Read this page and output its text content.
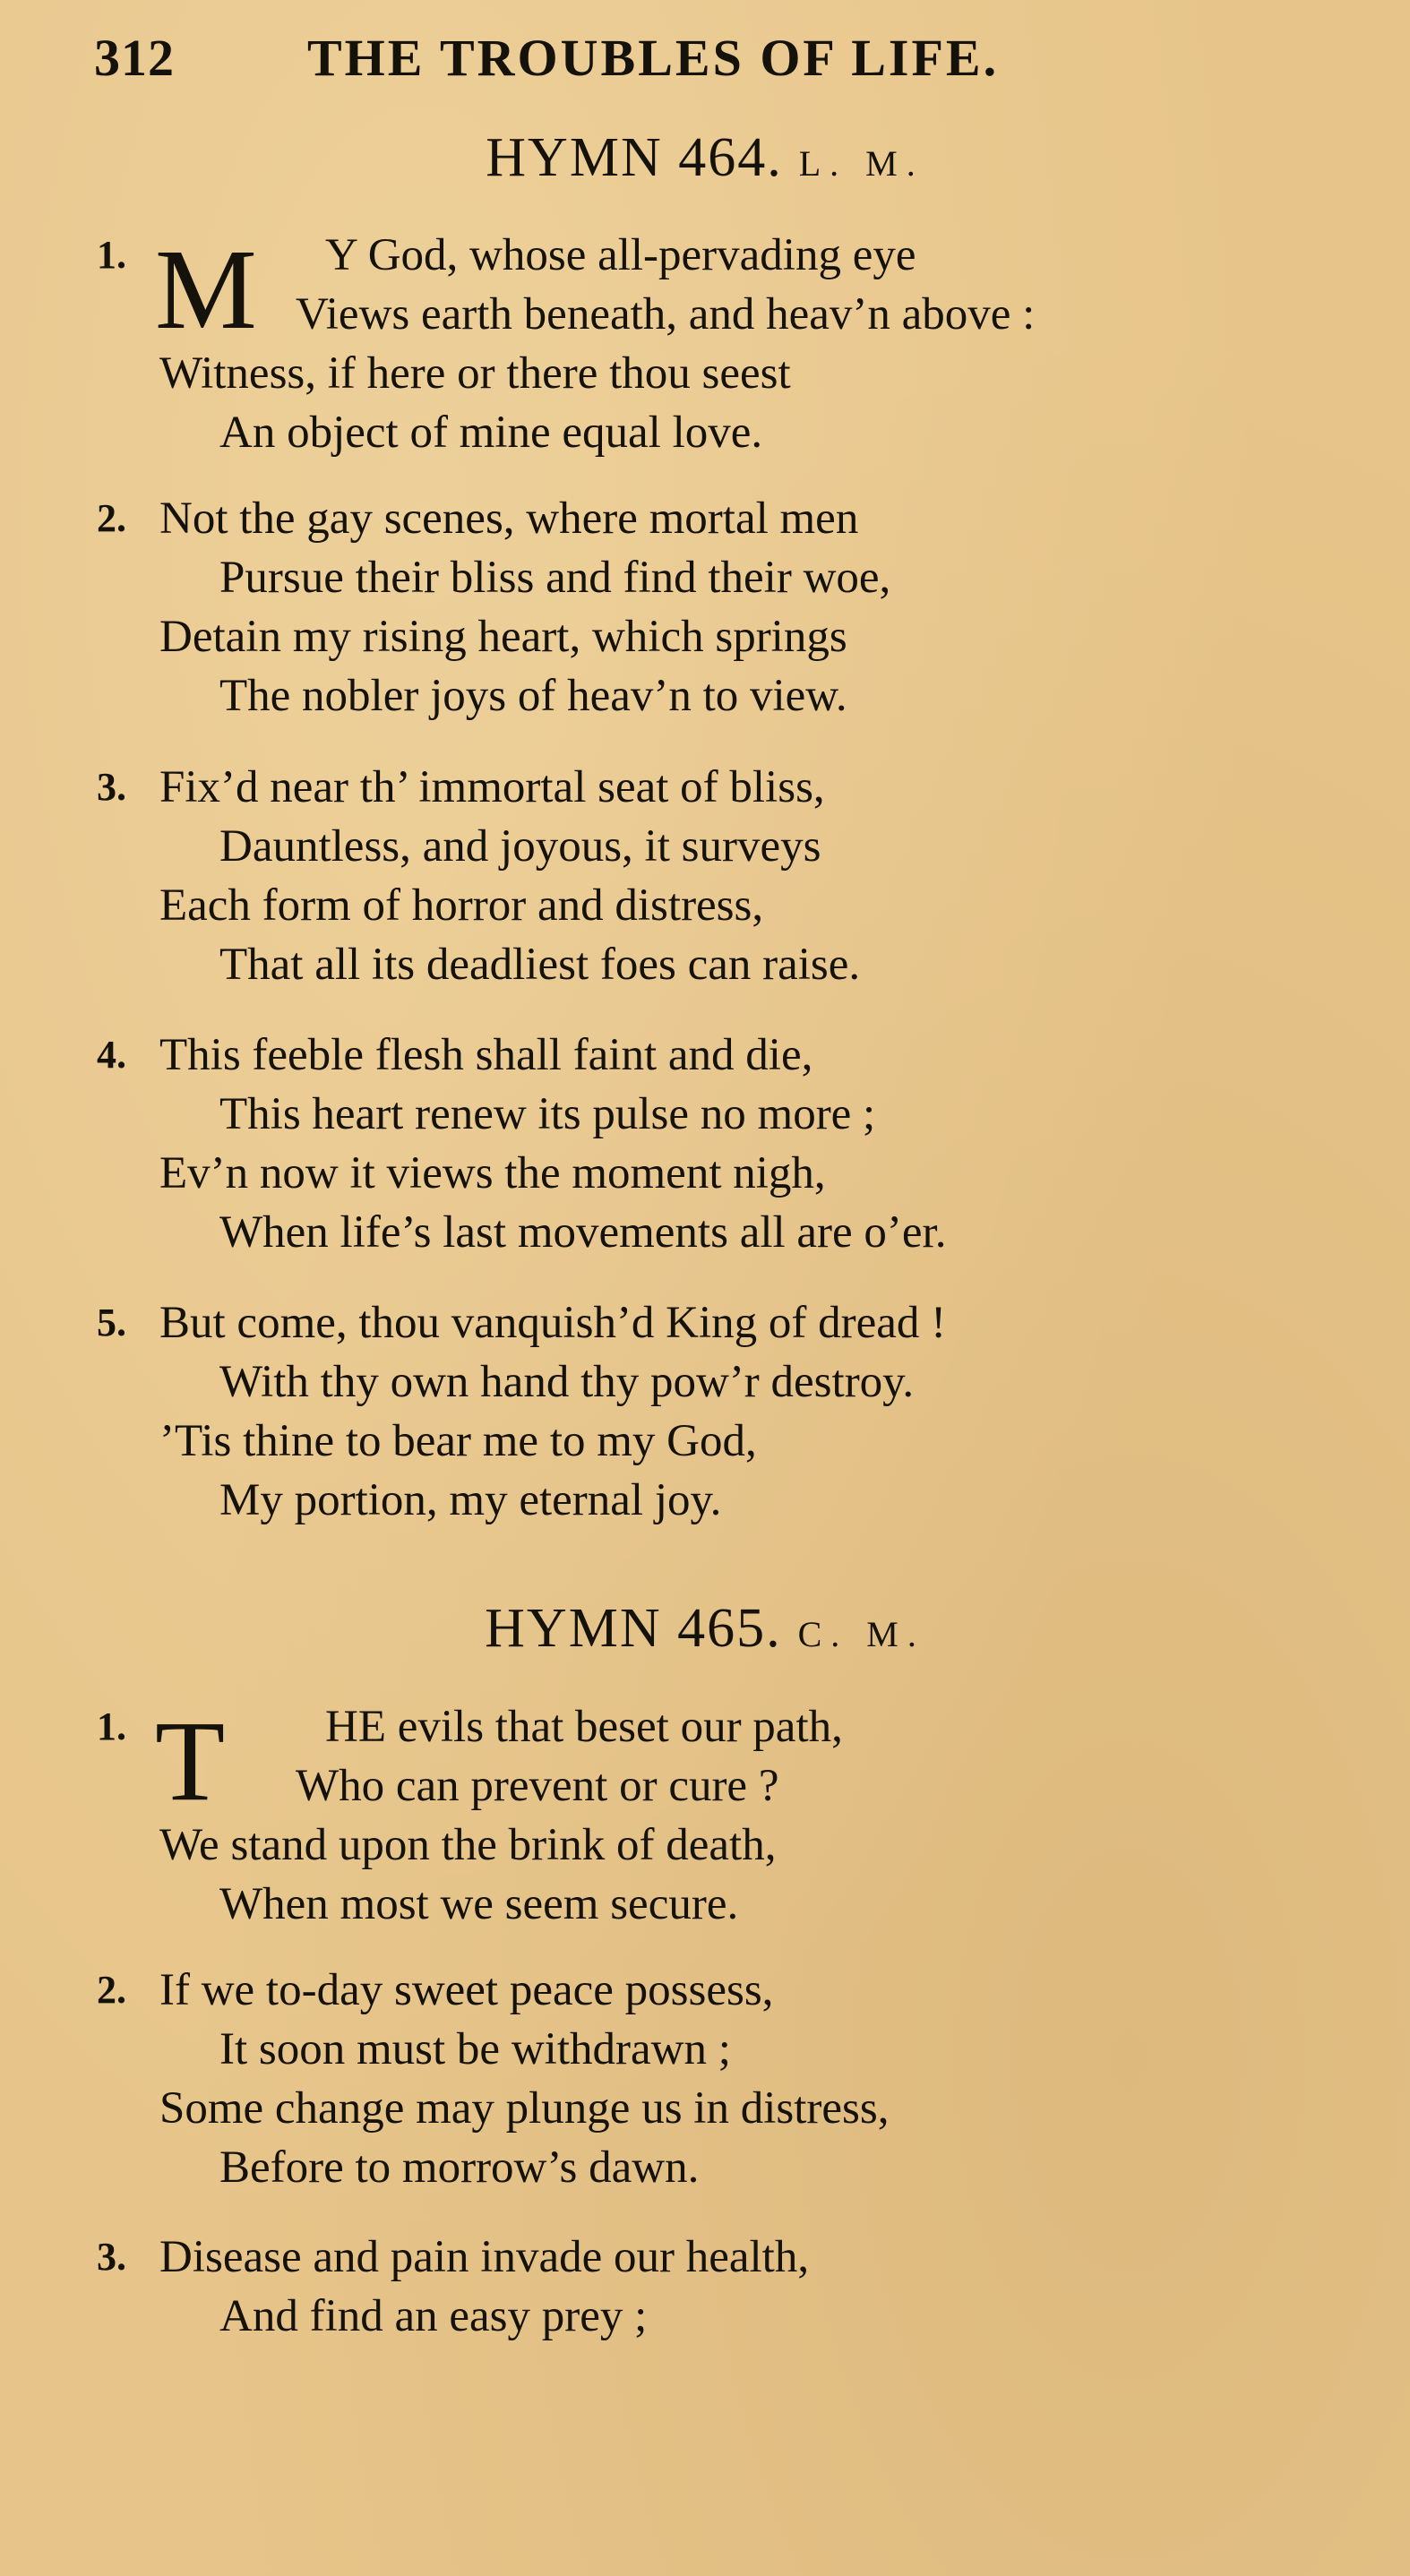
312	THE TROUBLES OF LIFE.
HYMN 464. L. M.
1. M	Y God, whose all-pervading eye
Views earth beneath, and heav’n above :
Witness, if here or there thou seest
An object of mine equal love.
2. Not the gay scenes, where mortal men
Pursue their bliss and find their woe,
Detain my rising heart, which springs
The nobler joys of heav’n to view.
3. Fix’d near th’ immortal seat of bliss,
Dauntless, and joyous, it surveys
Each form of horror and distress,
That all its deadliest foes can raise.
4. This feeble flesh shall faint and die,
This heart renew its pulse no more ;
Ev’n now it views the moment nigh,
When life’s last movements all are o’er.
5. But come, thou vanquish’d King of dread !
With thy own hand thy pow’r destroy.
’Tis thine to bear me to my God,
My portion, my eternal joy.
HYMN 465. C. M.
1. T	HE evils that beset our path,
Who can prevent or cure ?
We stand upon the brink of death,
When most we seem secure.
2. If we to-day sweet peace possess,
It soon must be withdrawn ;
Some change may plunge us in distress,
Before to morrow’s dawn.
3. Disease and pain invade our health,
And find an easy prey ;
